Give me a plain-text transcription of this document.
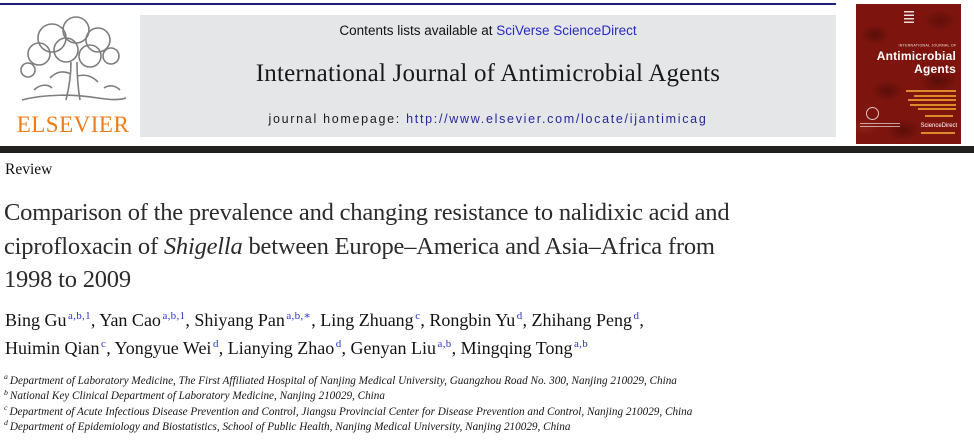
ELSEVIER
Contents lists available at SciVerse ScienceDirect
International Journal of Antimicrobial Agents
journal homepage: http://www.elsevier.com/locate/ijantimicag
INTERNATIONAL JOURNAL OF
Antimicrobial
Agents
ScienceDirect
Review
Comparison of the prevalence and changing resistance to nalidixic acid and
ciprofloxacin of Shigella between Europe–America and Asia–Africa from
1998 to 2009
Bing Gu $^{a,b,1}$, Yan Cao $^{a,b,1}$, Shiyang Pan $^{a,b,∗}$, Ling Zhuang $^c$, Rongbin Yu $^d$, Zhihang Peng $^d$,
Huimin Qian $^c$, Yongyue Wei $^d$, Lianying Zhao $^d$, Genyan Liu $^{a,b}$, Mingqing Tong $^{a,b}$
$^a$ Department of Laboratory Medicine, The First Affiliated Hospital of Nanjing Medical University, Guangzhou Road No. 300, Nanjing 210029, China
$^b$ National Key Clinical Department of Laboratory Medicine, Nanjing 210029, China
$^c$ Department of Acute Infectious Disease Prevention and Control, Jiangsu Provincial Center for Disease Prevention and Control, Nanjing 210029, China
$^d$ Department of Epidemiology and Biostatistics, School of Public Health, Nanjing Medical University, Nanjing 210029, China
